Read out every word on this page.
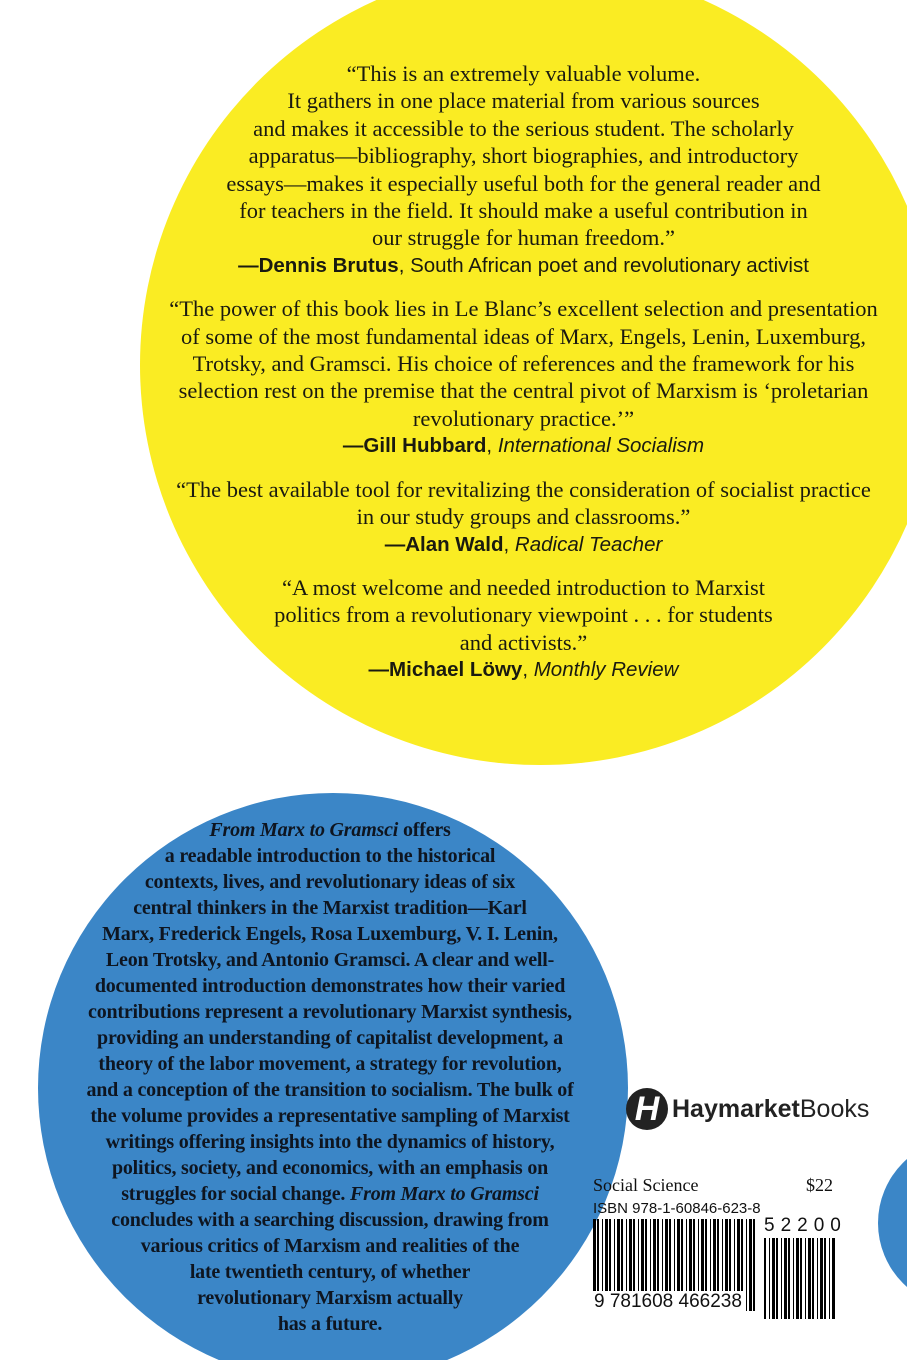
“This is an extremely valuable volume.
It gathers in one place material from various sources
and makes it accessible to the serious student. The scholarly
apparatus—bibliography, short biographies, and introductory
essays—makes it especially useful both for the general reader and
for teachers in the field. It should make a useful contribution in
our struggle for human freedom.”
—Dennis Brutus, South African poet and revolutionary activist
“The power of this book lies in Le Blanc’s excellent selection and presentation
of some of the most fundamental ideas of Marx, Engels, Lenin, Luxemburg,
Trotsky, and Gramsci. His choice of references and the framework for his
selection rest on the premise that the central pivot of Marxism is ‘proletarian
revolutionary practice.’”
—Gill Hubbard, International Socialism
“The best available tool for revitalizing the consideration of socialist practice
in our study groups and classrooms.”
—Alan Wald, Radical Teacher
“A most welcome and needed introduction to Marxist
politics from a revolutionary viewpoint . . . for students
and activists.”
—Michael Löwy, Monthly Review
From Marx to Gramsci offers
a readable introduction to the historical
contexts, lives, and revolutionary ideas of six
central thinkers in the Marxist tradition—Karl
Marx, Frederick Engels, Rosa Luxemburg, V. I. Lenin,
Leon Trotsky, and Antonio Gramsci. A clear and well-
documented introduction demonstrates how their varied
contributions represent a revolutionary Marxist synthesis,
providing an understanding of capitalist development, a
theory of the labor movement, a strategy for revolution,
and a conception of the transition to socialism. The bulk of
the volume provides a representative sampling of Marxist
writings offering insights into the dynamics of history,
politics, society, and economics, with an emphasis on
struggles for social change. From Marx to Gramsci
concludes with a searching discussion, drawing from
various critics of Marxism and realities of the
late twentieth century, of whether
revolutionary Marxism actually
has a future.
H HaymarketBooks
Social Science	$22
ISBN 978-1-60846-623-8
52200
9 781608 466238
